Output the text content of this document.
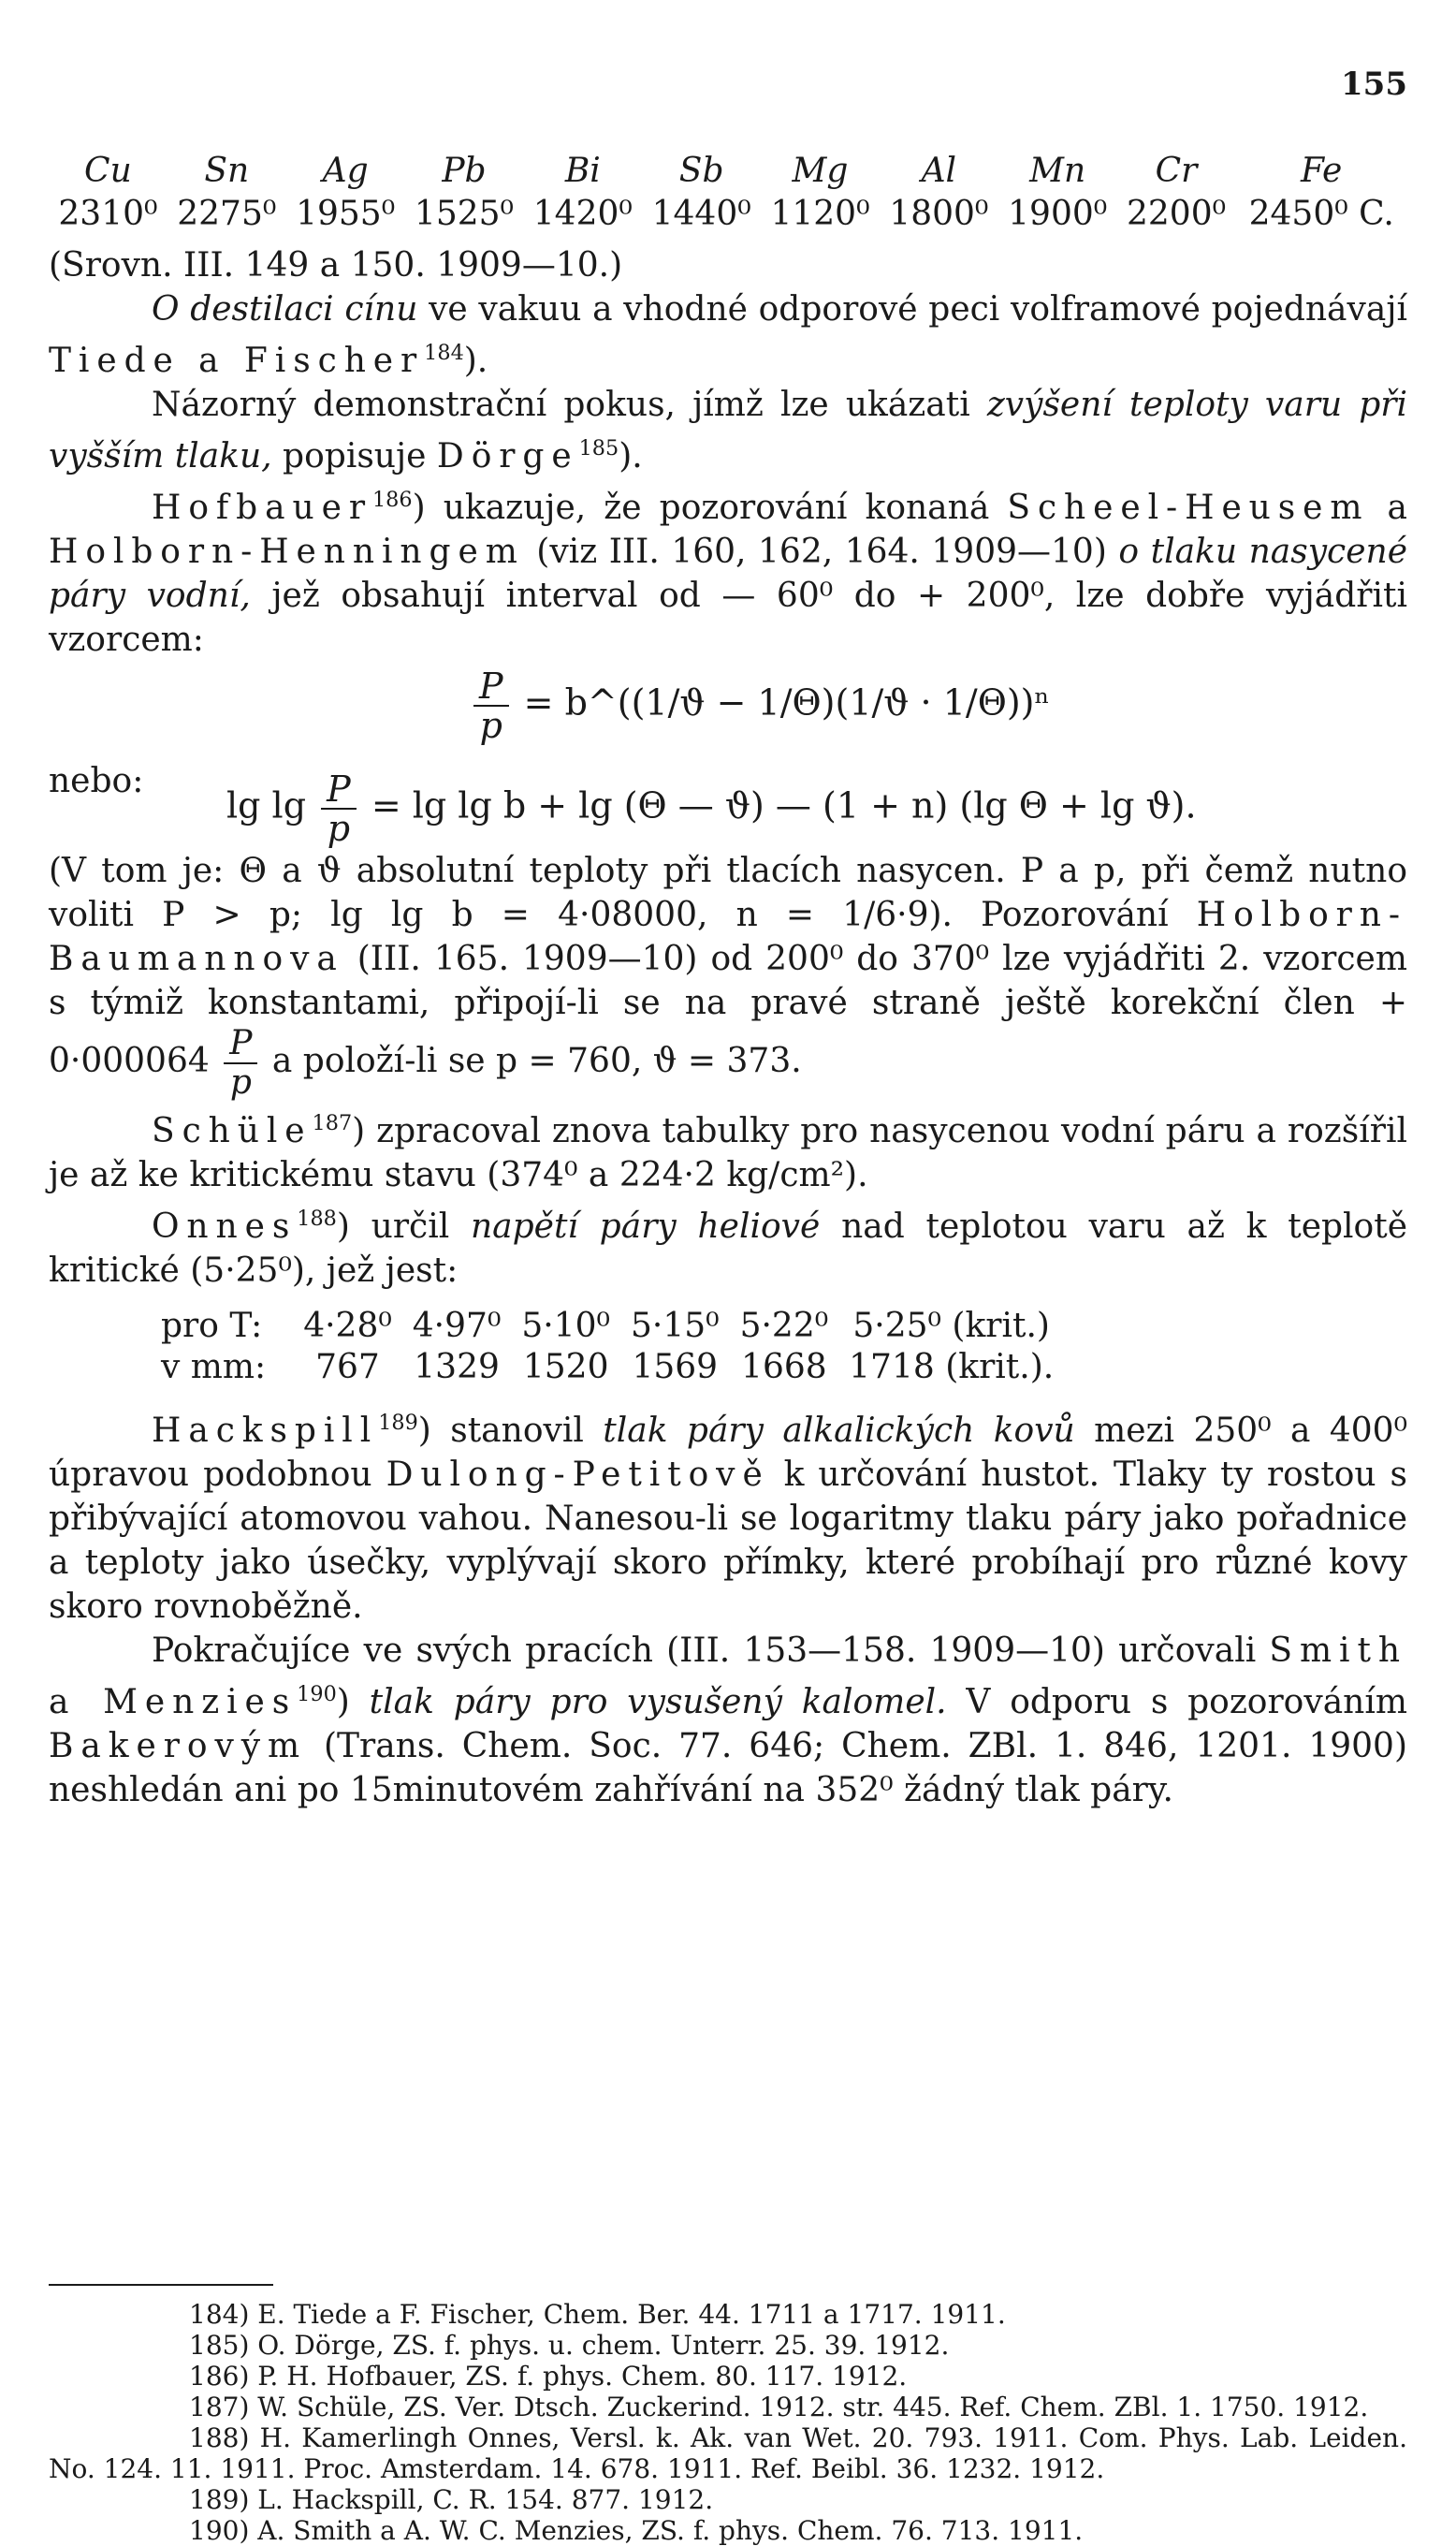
155
Cu	Sn	Ag	Pb	Bi	Sb	Mg	Al	Mn	Cr	Fe
2310⁰	2275⁰	1955⁰	1525⁰	1420⁰	1440⁰	1120⁰	1800⁰	1900⁰	2200⁰	2450⁰ C.

(Srovn. III. 149 a 150. 1909—10.)

O destilaci cínu ve vakuu a vhodné odporové peci volframové pojednávají Tiede a Fischer$^{184}$).

Názorný demonstrační pokus, jímž lze ukázati zvýšení teploty varu při vyšším tlaku, popisuje Dörge$^{185}$).

Hofbauer$^{186}$) ukazuje, že pozorování konaná Scheel-Heusem a Holborn-Henningem (viz III. 160, 162, 164. 1909—10) o tlaku nasycené páry vodní, jež obsahují interval od — 60⁰ do + 200⁰, lze dobře vyjádřiti vzorcem:

$\frac{P}{p}$ = b^((1/ϑ − 1/Θ)(1/ϑ · 1/Θ))ⁿ
nebo:
$\lg \lg \frac{P}{p} = \lg \lg b + \lg (\Theta$ — ϑ) — (1 + n) (lg Θ + lg ϑ).

(V tom je: Θ a ϑ absolutní teploty při tlacích nasycen. P a p, při čemž nutno voliti P > p; lg lg b = 4·08000, n = 1/6·9). Pozorování Holborn-Baumannova (III. 165. 1909—10) od 200⁰ do 370⁰ lze vyjádřiti 2. vzorcem s týmiž konstantami, připojí-li se na pravé straně ještě korekční člen + $0\cdot 000064 \frac{P}{p}$ a položí-li se p = 760, ϑ = 373.

Schüle$^{187}$) zpracoval znova tabulky pro nasycenou vodní páru a rozšířil je až ke kritickému stavu (374⁰ a 224·2 kg/cm²).

Onnes$^{188}$) určil napětí páry heliové nad teplotou varu až k teplotě kritické (5·25⁰), jež jest:

pro T:	4·28⁰	4·97⁰	5·10⁰	5·15⁰	5·22⁰	5·25⁰ (krit.)
v mm:	767	1329	1520	1569	1668	1718 (krit.).

Hackspill$^{189}$) stanovil tlak páry alkalických kovů mezi 250⁰ a 400⁰ úpravou podobnou Dulong-Petitově k určování hustot. Tlaky ty rostou s přibývající atomovou vahou. Nanesou-li se logaritmy tlaku páry jako pořadnice a teploty jako úsečky, vyplývají skoro přímky, které probíhají pro různé kovy skoro rovnoběžně.

Pokračujíce ve svých pracích (III. 153—158. 1909—10) určovali Smith a Menzies$^{190}$) tlak páry pro vysušený kalomel. V odporu s pozorováním Bakerovým (Trans. Chem. Soc. 77. 646; Chem. ZBl. 1. 846, 1201. 1900) neshledán ani po 15minutovém zahřívání na 352⁰ žádný tlak páry.

184) E. Tiede a F. Fischer, Chem. Ber. 44. 1711 a 1717. 1911.

185) O. Dörge, ZS. f. phys. u. chem. Unterr. 25. 39. 1912.

186) P. H. Hofbauer, ZS. f. phys. Chem. 80. 117. 1912.

187) W. Schüle, ZS. Ver. Dtsch. Zuckerind. 1912. str. 445. Ref. Chem. ZBl. 1. 1750. 1912.

188) H. Kamerlingh Onnes, Versl. k. Ak. van Wet. 20. 793. 1911. Com. Phys. Lab. Leiden. No. 124. 11. 1911. Proc. Amsterdam. 14. 678. 1911. Ref. Beibl. 36. 1232. 1912.

189) L. Hackspill, C. R. 154. 877. 1912.

190) A. Smith a A. W. C. Menzies, ZS. f. phys. Chem. 76. 713. 1911.
